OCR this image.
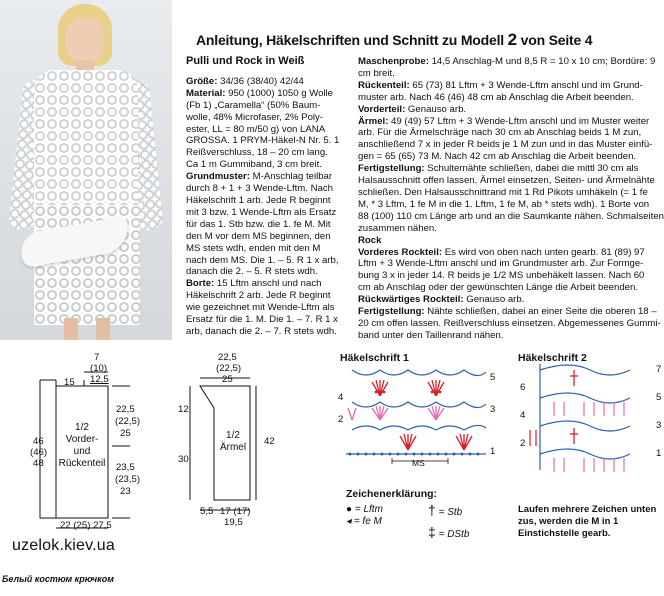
Anleitung, Häkelschriften und Schnitt zu Modell 2 von Seite 4
Pulli und Rock in Weiß
Größe: 34/36 (38/40) 42/44
Material: 950 (1000) 1050 g Wolle
(Fb 1) „Caramella“ (50% Baum-
wolle, 48% Microfaser, 2% Poly-
ester, LL = 80 m/50 g) von LANA
GROSSA. 1 PRYM-Häkel-N Nr. 5. 1
Reißverschluss, 18 – 20 cm lang.
Ca 1 m Gummiband, 3 cm breit.
Grundmuster: M-Anschlag teilbar
durch 8 + 1 + 3 Wende-Lftm. Nach
Häkelschrift 1 arb. Jede R beginnt
mit 3 bzw. 1 Wende-Lftm als Ersatz
für das 1. Stb bzw. die 1. fe M. Mit
den M vor dem MS beginnen, den
MS stets wdh, enden mit den M
nach dem MS. Die 1. – 5. R 1 x arb,
danach die 2. – 5. R stets wdh.
Borte: 15 Lftm anschl und nach
Häkelschrift 2 arb. Jede R beginnt
wie gezeichnet mit Wende-Lftm als
Ersatz für die 1. M. Die 1. – 7. R 1 x
arb, danach die 2. – 7. R stets wdh.
Maschenprobe: 14,5 Anschlag-M und 8,5 R = 10 x 10 cm; Bordüre: 9
cm breit.
Rückenteil: 65 (73) 81 Lftm + 3 Wende-Lftm anschl und im Grund-
muster arb. Nach 46 (46) 48 cm ab Anschlag die Arbeit beenden.
Vorderteil: Genauso arb.
Ärmel: 49 (49) 57 Lftm + 3 Wende-Lftm anschl und im Muster weiter
arb. Für die Ärmelschräge nach 30 cm ab Anschlag beids 1 M zun,
anschließend 7 x in jeder R beids je 1 M zun und in das Muster einfü-
gen = 65 (65) 73 M. Nach 42 cm ab Anschlag die Arbeit beenden.
Fertigstellung: Schulternähte schließen, dabei die mittl 30 cm als
Halsausschnitt offen lassen. Ärmel einsetzen, Seiten- und Ärmelnähte
schließen. Den Halsausschnittrand mit 1 Rd Pikots umhäkeln (= 1 fe
M, * 3 Lftm, 1 fe M in die 1. Lftm, 1 fe M, ab * stets wdh). 1 Borte von
88 (100) 110 cm Länge arb und an die Saumkante nähen. Schmalseiten
zusammen nähen.
Rock
Vorderes Rockteil: Es wird von oben nach unten gearb. 81 (89) 97
Lftm + 3 Wende-Lftm anschl und im Grundmuster arb. Zur Formge-
bung 3 x in jeder 14. R beids je 1/2 MS unbehäkelt lassen. Nach 60
cm ab Anschlag oder der gewünschten Länge die Arbeit beenden.
Rückwärtiges Rockteil: Genauso arb.
Fertigstellung: Nähte schließen, dabei an einer Seite die oberen 18 –
20 cm offen lassen. Reißverschluss einsetzen. Abgemessenes Gummi-
band unter den Taillenrand nähen.
7
(10)
12,5
15
22,5
(22,5)
25
23,5
(23,5)
23
46
(46)
48
1/2
Vorder-
und
Rückenteil
22 (25) 27,5
22,5
(22,5)
25
12
30
42
1/2
Ärmel
5,5 17 (17)
19,5
Häkelschrift 1
MS
5
4
3
2
1
Häkelschrift 2
7
6
5
4
3
2
1
Zeichenerklärung:
● = Lftm
◂ = fe M
† = Stb
‡ = DStb
Laufen mehrere Zeichen unten zus, werden die M in 1 Einstichstelle gearb.
uzelok.kiev.ua
Белый костюм крючком
